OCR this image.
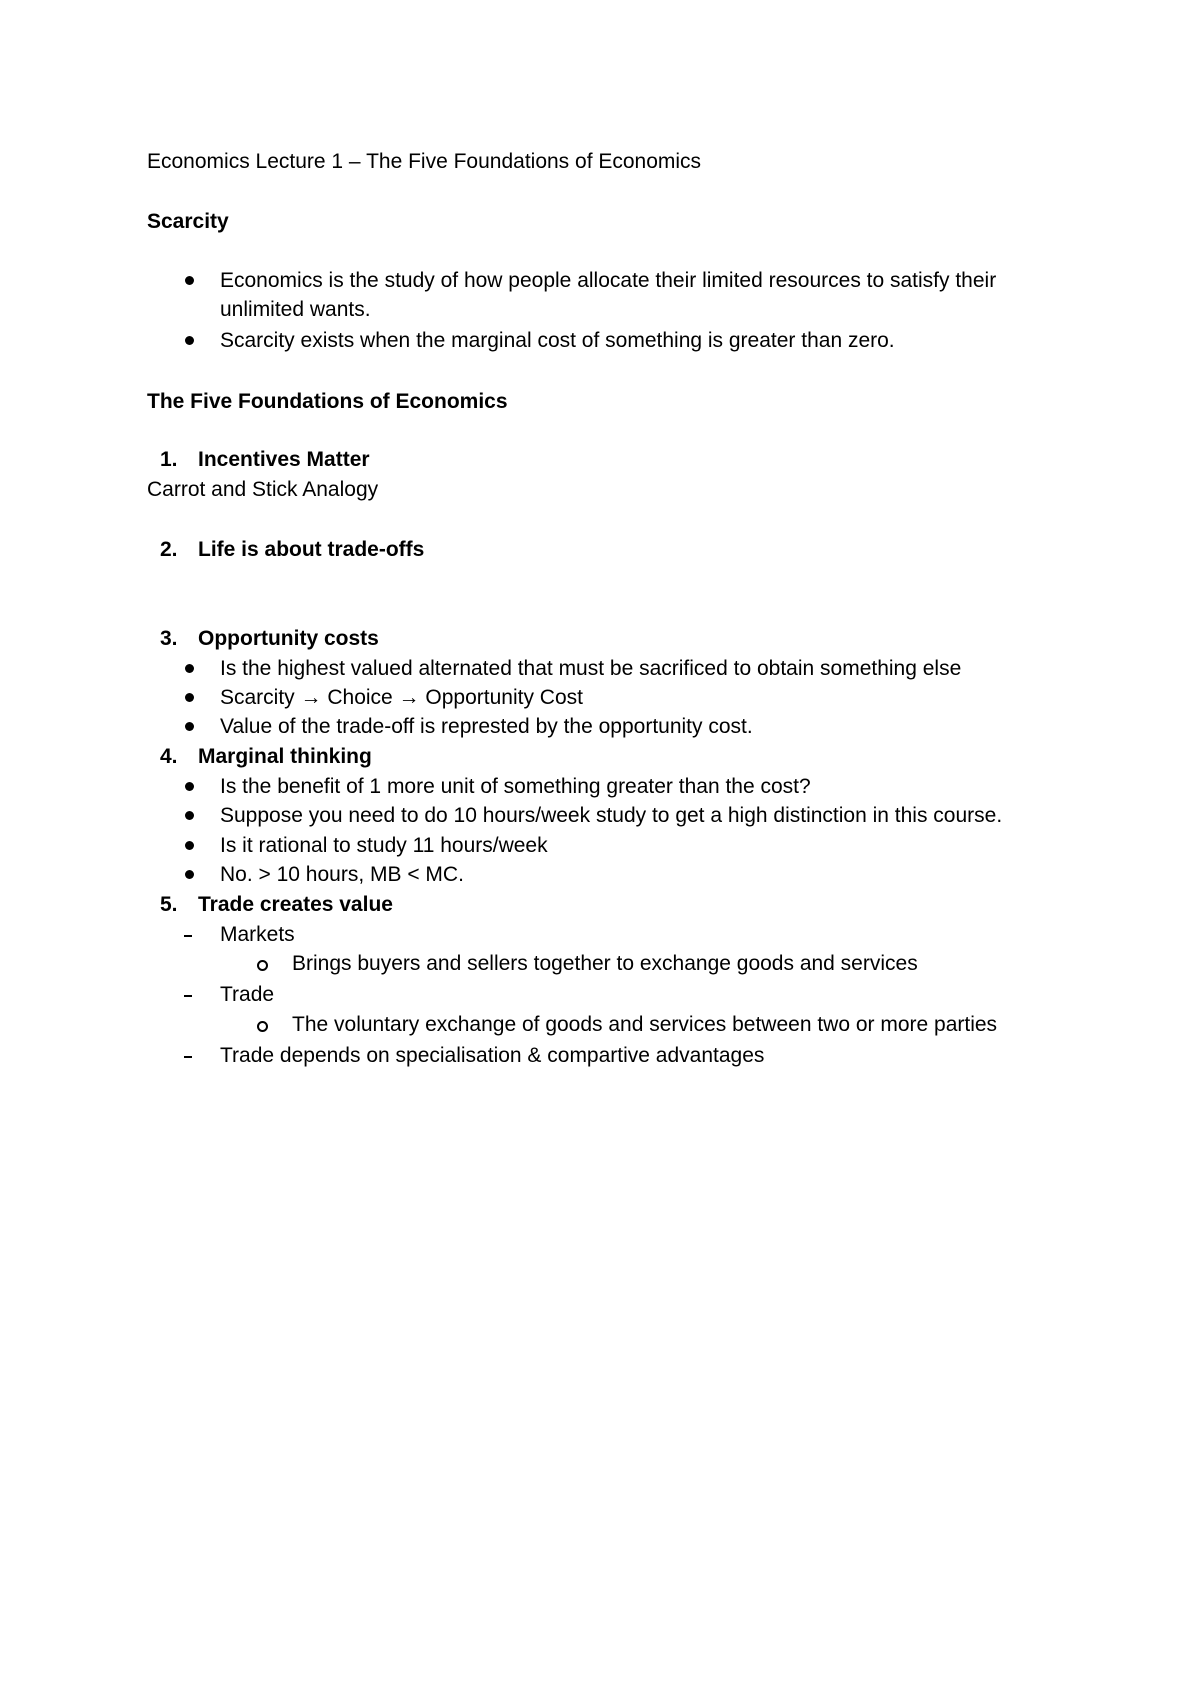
Economics Lecture 1 – The Five Foundations of Economics
Scarcity
Economics is the study of how people allocate their limited resources to satisfy their
unlimited wants.
Scarcity exists when the marginal cost of something is greater than zero.
The Five Foundations of Economics
1. Incentives Matter
Carrot and Stick Analogy
2. Life is about trade-offs
3. Opportunity costs
Is the highest valued alternated that must be sacrificed to obtain something else
Scarcity → Choice → Opportunity Cost
Value of the trade-off is represted by the opportunity cost.
4. Marginal thinking
Is the benefit of 1 more unit of something greater than the cost?
Suppose you need to do 10 hours/week study to get a high distinction in this course.
Is it rational to study 11 hours/week
No. > 10 hours, MB < MC.
5. Trade creates value
Markets
Brings buyers and sellers together to exchange goods and services
Trade
The voluntary exchange of goods and services between two or more parties
Trade depends on specialisation & compartive advantages
